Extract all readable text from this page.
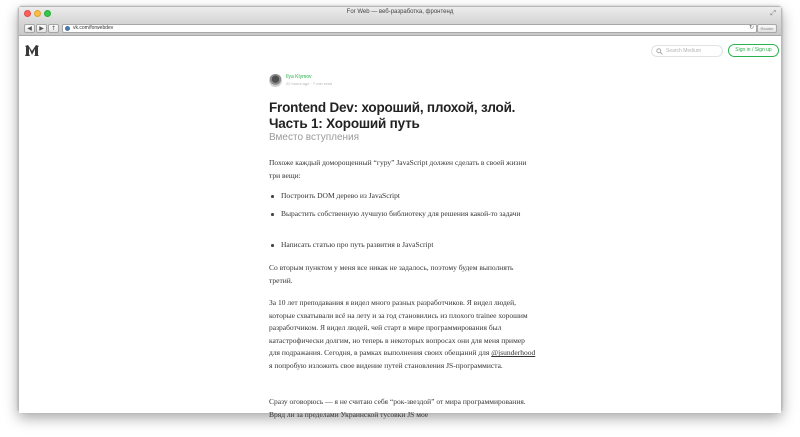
For Web — веб-разработка, фронтенд	⤢
◀	▶	↑	vk.com/forwebdev	↻	Reader
Search Medium	Sign in / Sign up
Ilya Klymov
22 hours ago · 7 min read
Frontend Dev: хороший, плохой, злой. Часть 1: Хороший путь
Вместо вступления

Похоже каждый доморощенный “гуру” JavaScript должен сделать в своей жизни три вещи:

Построить DOM дерево из JavaScript
Вырастить собственную лучшую библиотеку для решения какой-то задачи
Написать статью про путь развития в JavaScript

Со вторым пунктом у меня все никак не задалось, поэтому будем выполнять третий.

За 10 лет преподавания я видел много разных разработчиков. Я видел людей, которые схватывали всё на лету и за год становились из плохого trainee хорошим разработчиком. Я видел людей, чей старт в мире программирования был катастрофически долгим, но теперь в некоторых вопросах они для меня пример для подражания. Сегодня, в рамках выполнения своих обещаний для @jsunderhood я попробую изложить свое видение путей становления JS-программиста.

Сразу оговорюсь — я не считаю себя “рок-звездой” от мира программирования. Вряд ли за пределами Украинской тусовки JS мое
